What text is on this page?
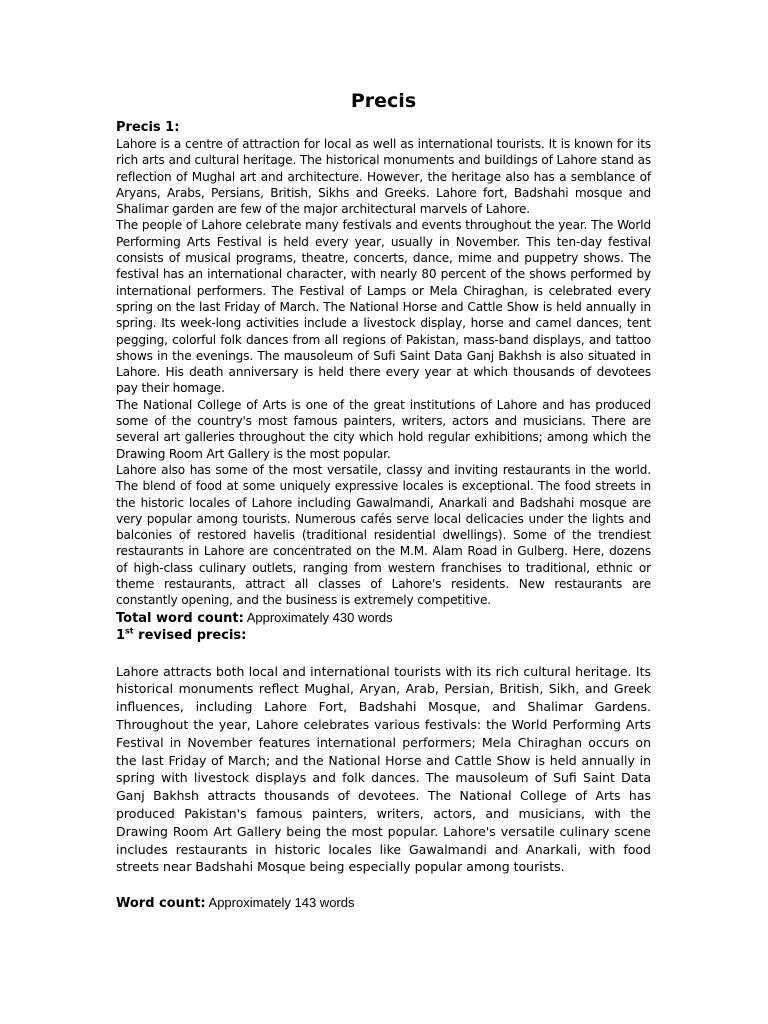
Precis

Precis 1:

Lahore is a centre of attraction for local as well as international tourists. It is known for its rich arts and cultural heritage. The historical monuments and buildings of Lahore stand as reflection of Mughal art and architecture. However, the heritage also has a semblance of Aryans, Arabs, Persians, British, Sikhs and Greeks. Lahore fort, Badshahi mosque and Shalimar garden are few of the major architectural marvels of Lahore.

The people of Lahore celebrate many festivals and events throughout the year. The World Performing Arts Festival is held every year, usually in November. This ten-day festival consists of musical programs, theatre, concerts, dance, mime and puppetry shows. The festival has an international character, with nearly 80 percent of the shows performed by international performers. The Festival of Lamps or Mela Chiraghan, is celebrated every spring on the last Friday of March. The National Horse and Cattle Show is held annually in spring. Its week-long activities include a livestock display, horse and camel dances, tent pegging, colorful folk dances from all regions of Pakistan, mass-band displays, and tattoo shows in the evenings. The mausoleum of Sufi Saint Data Ganj Bakhsh is also situated in Lahore. His death anniversary is held there every year at which thousands of devotees pay their homage.

The National College of Arts is one of the great institutions of Lahore and has produced some of the country's most famous painters, writers, actors and musicians. There are several art galleries throughout the city which hold regular exhibitions; among which the Drawing Room Art Gallery is the most popular.

Lahore also has some of the most versatile, classy and inviting restaurants in the world. The blend of food at some uniquely expressive locales is exceptional. The food streets in the historic locales of Lahore including Gawalmandi, Anarkali and Badshahi mosque are very popular among tourists. Numerous cafés serve local delicacies under the lights and balconies of restored havelis (traditional residential dwellings). Some of the trendiest restaurants in Lahore are concentrated on the M.M. Alam Road in Gulberg. Here, dozens of high-class culinary outlets, ranging from western franchises to traditional, ethnic or theme restaurants, attract all classes of Lahore's residents. New restaurants are constantly opening, and the business is extremely competitive.

Total word count: Approximately 430 words

1st revised precis:

Lahore attracts both local and international tourists with its rich cultural heritage. Its historical monuments reflect Mughal, Aryan, Arab, Persian, British, Sikh, and Greek influences, including Lahore Fort, Badshahi Mosque, and Shalimar Gardens. Throughout the year, Lahore celebrates various festivals: the World Performing Arts Festival in November features international performers; Mela Chiraghan occurs on the last Friday of March; and the National Horse and Cattle Show is held annually in spring with livestock displays and folk dances. The mausoleum of Sufi Saint Data Ganj Bakhsh attracts thousands of devotees. The National College of Arts has produced Pakistan's famous painters, writers, actors, and musicians, with the Drawing Room Art Gallery being the most popular. Lahore's versatile culinary scene includes restaurants in historic locales like Gawalmandi and Anarkali, with food streets near Badshahi Mosque being especially popular among tourists.

Word count: Approximately 143 words
